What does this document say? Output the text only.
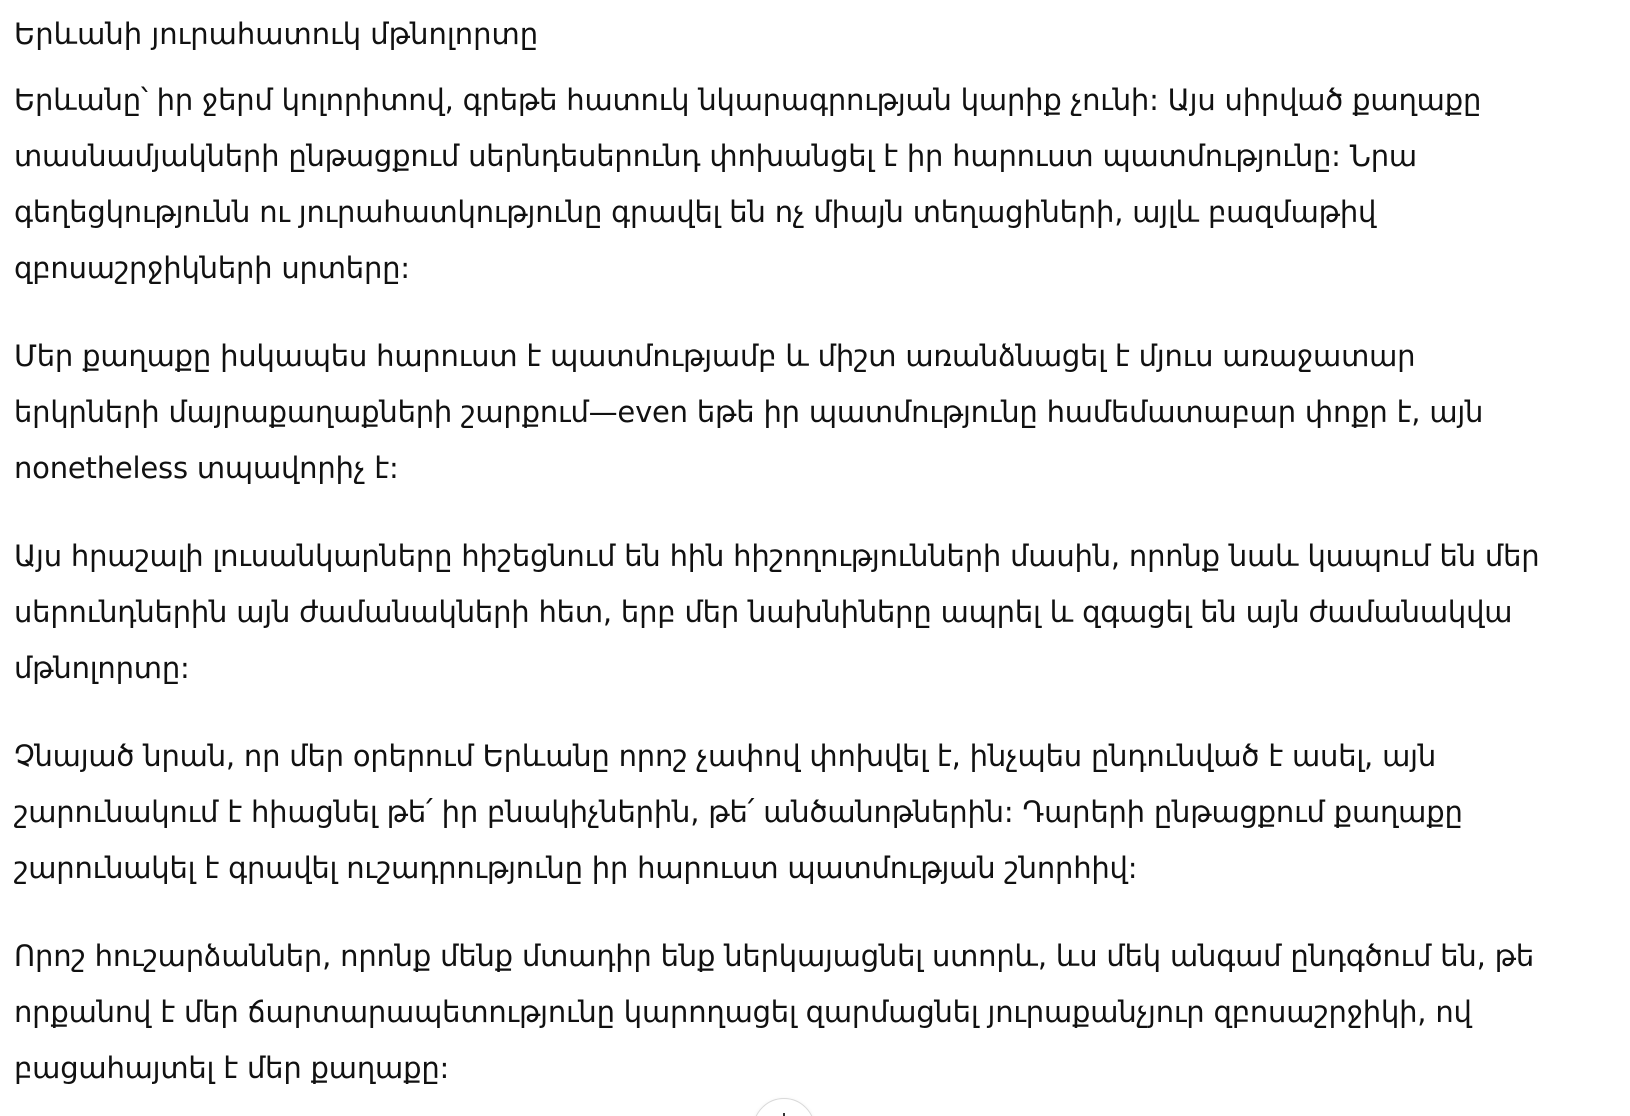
Երևանի յուրահատուկ մթնոլորտը

Երևանը՝ իր ջերմ կոլորիտով, գրեթե հատուկ նկարագրության կարիք չունի: Այս սիրված քաղաքը
տասնամյակների ընթացքում սերնդեսերունդ փոխանցել է իր հարուստ պատմությունը: Նրա
գեղեցկությունն ու յուրահատկությունը գրավել են ոչ միայն տեղացիների, այլև բազմաթիվ
զբոսաշրջիկների սրտերը:

Մեր քաղաքը իսկապես հարուստ է պատմությամբ և միշտ առանձնացել է մյուս առաջատար
երկրների մայրաքաղաքների շարքում—even եթե իր պատմությունը համեմատաբար փոքր է, այն
nonetheless տպավորիչ է:

Այս հրաշալի լուսանկարները հիշեցնում են հին հիշողությունների մասին, որոնք նաև կապում են մեր
սերունդներին այն ժամանակների հետ, երբ մեր նախնիները ապրել և զգացել են այն ժամանակվա
մթնոլորտը:

Չնայած նրան, որ մեր օրերում Երևանը որոշ չափով փոխվել է, ինչպես ընդունված է ասել, այն
շարունակում է հիացնել թե՛ իր բնակիչներին, թե՛ անծանոթներին: Դարերի ընթացքում քաղաքը
շարունակել է գրավել ուշադրությունը իր հարուստ պատմության շնորհիվ:

Որոշ հուշարձաններ, որոնք մենք մտադիր ենք ներկայացնել ստորև, ևս մեկ անգամ ընդգծում են, թե
որքանով է մեր ճարտարապետությունը կարողացել զարմացնել յուրաքանչյուր զբոսաշրջիկի, ով
բացահայտել է մեր քաղաքը:
